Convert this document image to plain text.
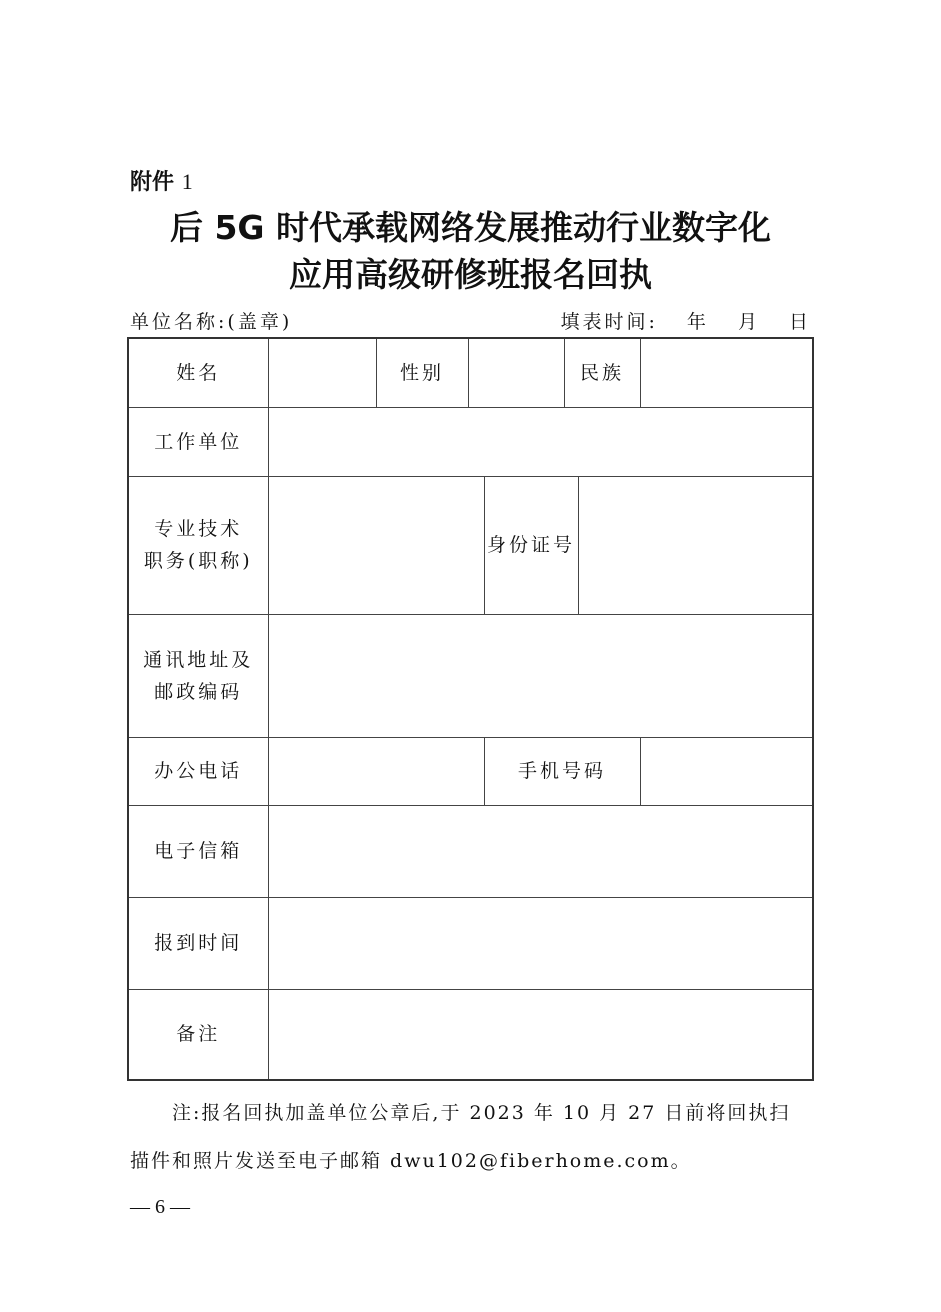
附件 1
后 5G 时代承载网络发展推动行业数字化
应用高级研修班报名回执
单位名称:(盖章)	填表时间: 年 月 日
姓名		性别			民族		
工作单位							

专业技术
职务(职称)				身份证号			

通讯地址及
邮政编码							

办公电话				手机号码			
电子信箱							
报到时间							
备注							
注:报名回执加盖单位公章后,于 2023 年 10 月 27 日前将回执扫
描件和照片发送至电子邮箱 dwu102@fiberhome.com。
— 6 —
